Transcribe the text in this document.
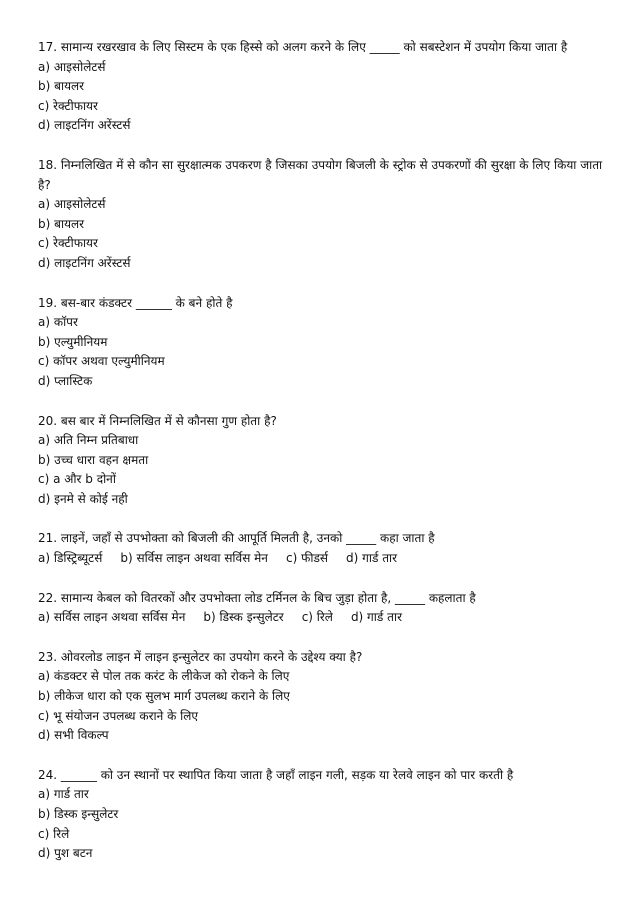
17. सामान्य रखरखाव के लिए सिस्टम के एक हिस्से को अलग करने के लिए _____ को सबस्टेशन में उपयोग किया जाता है
a) आइसोलेटर्स
b) बायलर
c) रेक्टीफायर
d) लाइटनिंग अरेंस्टर्स
18. निम्नलिखित में से कौन सा सुरक्षात्मक उपकरण है जिसका उपयोग बिजली के स्ट्रोक से उपकरणों की सुरक्षा के लिए किया जाता है?
a) आइसोलेटर्स
b) बायलर
c) रेक्टीफायर
d) लाइटनिंग अरेंस्टर्स
19. बस-बार कंडक्टर ______ के बने होते है
a) कॉपर
b) एल्युमीनियम
c) कॉपर अथवा एल्युमीनियम
d) प्लास्टिक
20. बस बार में निम्नलिखित में से कौनसा गुण होता है?
a) अति निम्न प्रतिबाधा
b) उच्च धारा वहन क्षमता
c) a और b दोनों
d) इनमे से कोई नही
21. लाइनें, जहाँ से उपभोक्ता को बिजली की आपूर्ति मिलती है, उनको _____ कहा जाता है
a) डिस्ट्रिब्यूटर्स b) सर्विस लाइन अथवा सर्विस मेन c) फीडर्स d) गार्ड तार
22. सामान्य केबल को वितरकों और उपभोक्ता लोड टर्मिनल के बिच जुड़ा होता है, _____ कहलाता है
a) सर्विस लाइन अथवा सर्विस मेन b) डिस्क इन्सुलेटर c) रिले d) गार्ड तार
23. ओवरलोड लाइन में लाइन इन्सुलेटर का उपयोग करने के उद्देश्य क्या है?
a) कंडक्टर से पोल तक करंट के लीकेज को रोकने के लिए
b) लीकेज धारा को एक सुलभ मार्ग उपलब्ध कराने के लिए
c) भू संयोजन उपलब्ध कराने के लिए
d) सभी विकल्प
24. ______ को उन स्थानों पर स्थापित किया जाता है जहाँ लाइन गली, सड़क या रेलवे लाइन को पार करती है
a) गार्ड तार
b) डिस्क इन्सुलेटर
c) रिले
d) पुश बटन
